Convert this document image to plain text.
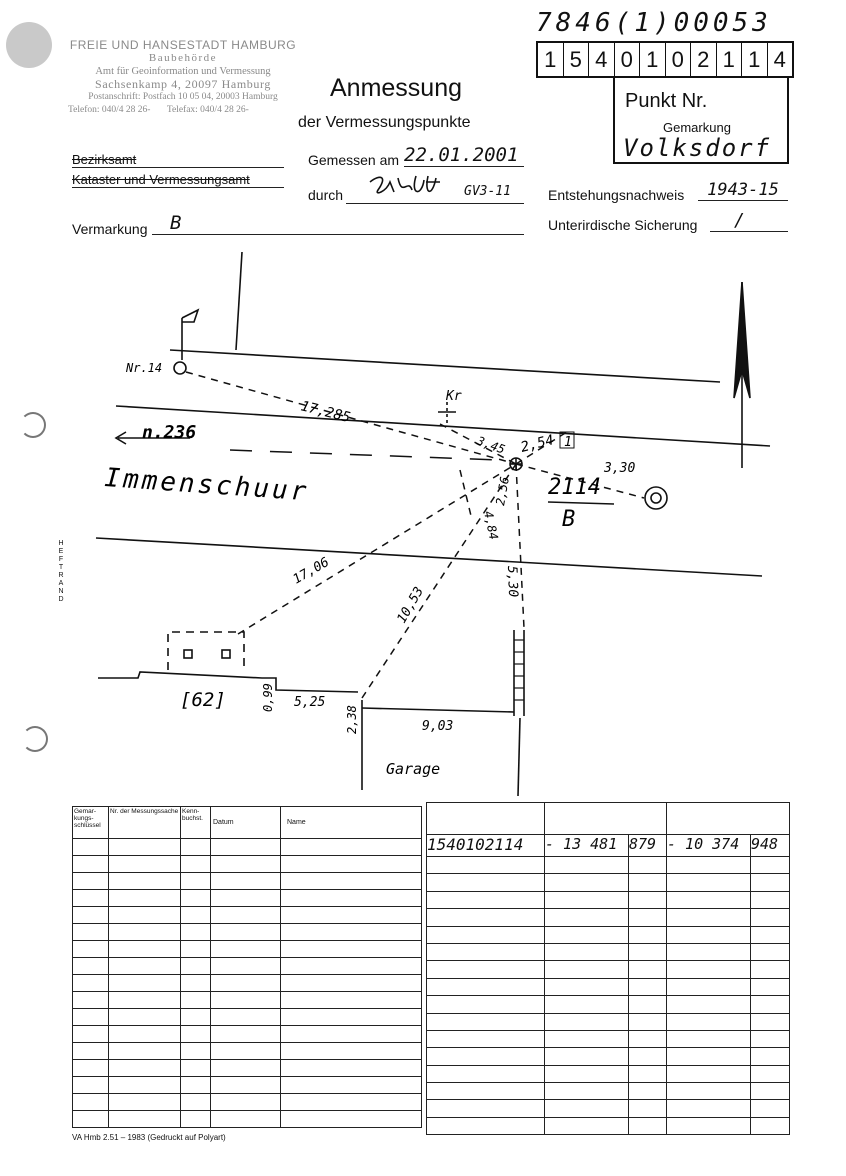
FREIE UND HANSESTADT HAMBURG
Baubehörde
Amt für Geoinformation und Vermessung
Sachsenkamp 4, 20097 Hamburg
Postanschrift: Postfach 10 05 04, 20003 Hamburg
Telefon: 040/4 28 26- Telefax: 040/4 28 26-
Bezirksamt
Kataster und Vermessungsamt
Anmessung
der Vermessungspunkte
7846(1)00053
1 5 4 0 1 0 2 1 1 4
Punkt Nr.
Gemarkung
Volksdorf
Gemessen am 22.01.2001
durch	GV3-11	Entstehungsnachweis	1943-15
Vermarkung	B	Unterirdische Sicherung	/
HEFTRAND
Nr.14
17,285
Kr
n.236
Immenschuur
3,45 2,54 1
2,56 2114
B
3,30
17,06
10,53
4,84
5,30
[62]	0,99 5,25
2,38	9,03
Garage
Gemar-kungs-schlüssel	Nr. der Messungssache	Kenn-buchst.	Datum	Name

1540102114	- 13 481	879	- 10 374	948

VA Hmb 2.51 – 1983 (Gedruckt auf Polyart)
